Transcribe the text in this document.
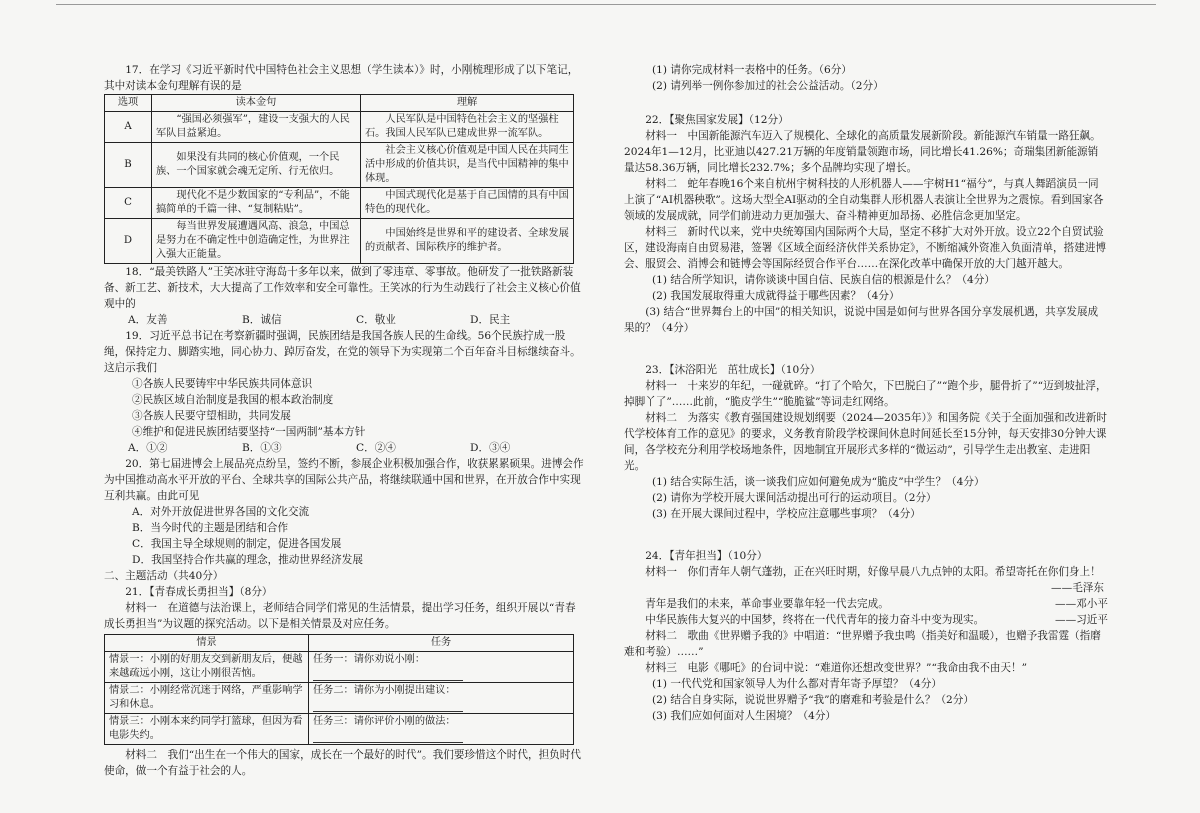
17．在学习《习近平新时代中国特色社会主义思想（学生读本）》时，小刚梳理形成了以下笔记，其中对读本金句理解有误的是

选项	读本金句	理解
A	“强国必须强军”，建设一支强大的人民军队目益紧迫。	人民军队是中国特色社会主义的坚强柱石。我国人民军队已建成世界一流军队。
B	如果没有共同的核心价值观，一个民族、一个国家就会魂无定所、行无依归。	社会主义核心价值观是中国人民在共同生活中形成的价值共识，是当代中国精神的集中体现。
C	现代化不是少数国家的“专利品”，不能搞简单的千篇一律、“复制粘贴”。	中国式现代化是基于自己国情的具有中国特色的现代化。
D	每当世界发展遭遇风高、浪急，中国总是努力在不确定性中创造确定性，为世界注入强大正能量。	中国始终是世界和平的建设者、全球发展的贡献者、国际秩序的维护者。

18．“最美铁路人”王笑冰驻守海岛十多年以来，做到了零违章、零事故。他研发了一批铁路新装备、新工艺、新技术，大大提高了工作效率和安全可靠性。王笑冰的行为生动践行了社会主义核心价值观中的

A．友善	B．诚信	C．敬业	D．民主

19．习近平总书记在考察新疆时强调，民族团结是我国各族人民的生命线。56个民族拧成一股绳，保持定力、脚踏实地，同心协力、踔厉奋发，在党的领导下为实现第二个百年奋斗目标继续奋斗。这启示我们

①各族人民要铸牢中华民族共同体意识

②民族区域自治制度是我国的根本政治制度

③各族人民要守望相助，共同发展

④维护和促进民族团结要坚持“一国两制”基本方针

A．①②	B．①③	C．②④	D．③④

20．第七届进博会上展品亮点纷呈，签约不断，参展企业积极加强合作，收获累累硕果。进博会作为中国推动高水平开放的平台、全球共享的国际公共产品，将继续联通中国和世界，在开放合作中实现互利共赢。由此可见

A．对外开放促进世界各国的文化交流

B．当今时代的主题是团结和合作

C．我国主导全球规则的制定，促进各国发展

D．我国坚持合作共赢的理念，推动世界经济发展

二、主题活动（共40分）

21．【青春成长勇担当】（8分）

材料一　在道德与法治课上，老师结合同学们常见的生活情景，提出学习任务，组织开展以“青春成长勇担当”为议题的探究活动。以下是相关情景及对应任务。

情景	任务
情景一：小刚的好朋友交到新朋友后，便越来越疏远小刚，这让小刚很苦恼。	任务一：请你劝说小刚：
情景二：小刚经常沉迷于网络，严重影响学习和休息。	任务二：请你为小刚提出建议：
情景三：小刚本来约同学打篮球，但因为看电影失约。	任务三：请你评价小刚的做法：

材料二　我们“出生在一个伟大的国家，成长在一个最好的时代”。我们要珍惜这个时代，担负时代使命，做一个有益于社会的人。

(1) 请你完成材料一表格中的任务。（6分）

(2) 请列举一例你参加过的社会公益活动。（2分）

22．【聚焦国家发展】（12分）

材料一　中国新能源汽车迈入了规模化、全球化的高质量发展新阶段。新能源汽车销量一路狂飙。2024年1—12月，比亚迪以427.21万辆的年度销量领跑市场，同比增长41.26%；奇瑞集团新能源销量达58.36万辆，同比增长232.7%；多个品牌均实现了增长。

材料二　蛇年春晚16个来自杭州宇树科技的人形机器人——宇树H1“福兮”，与真人舞蹈演员一同上演了“AI机器秧歌”。这场大型全AI驱动的全自动集群人形机器人表演让全世界为之震惊。看到国家各领域的发展成就，同学们前进动力更加强大、奋斗精神更加昂扬、必胜信念更加坚定。

材料三　新时代以来，党中央统筹国内国际两个大局，坚定不移扩大对外开放。设立22个自贸试验区，建设海南自由贸易港，签署《区域全面经济伙伴关系协定》，不断缩减外资准入负面清单，搭建进博会、服贸会、消博会和链博会等国际经贸合作平台……在深化改革中确保开放的大门越开越大。

(1) 结合所学知识，请你谈谈中国自信、民族自信的根源是什么？（4分）

(2) 我国发展取得重大成就得益于哪些因素？（4分）

(3) 结合“世界舞台上的中国”的相关知识，说说中国是如何与世界各国分享发展机遇，共享发展成果的？（4分）

23．【沐浴阳光　茁壮成长】（10分）

材料一　十来岁的年纪，一碰就碎。“打了个哈欠，下巴脱臼了”“跑个步，腿骨折了”“迈到坡扯浮，掉脚丫了”……此前，“脆皮学生”“脆脆鲨”等词走红网络。

材料二　为落实《教育强国建设规划纲要（2024—2035年）》和国务院《关于全面加强和改进新时代学校体育工作的意见》的要求，义务教育阶段学校课间休息时间延长至15分钟，每天安排30分钟大课间，各学校充分利用学校场地条件，因地制宜开展形式多样的“微运动”，引导学生走出教室、走进阳光。

(1) 结合实际生活，谈一谈我们应如何避免成为“脆皮”中学生？（4分）

(2) 请你为学校开展大课间活动提出可行的运动项目。（2分）

(3) 在开展大课间过程中，学校应注意哪些事项？（4分）

24．【青年担当】（10分）

材料一　你们青年人朝气蓬勃，正在兴旺时期，好像早晨八九点钟的太阳。希望寄托在你们身上！

——毛泽东

青年是我们的未来，革命事业要靠年轻一代去完成。	——邓小平
中华民族伟大复兴的中国梦，终将在一代代青年的接力奋斗中变为现实。	——习近平

材料二　歌曲《世界赠予我的》中唱道：“世界赠予我虫鸣（指美好和温暖），也赠予我雷霆（指磨难和考验）……”

材料三　电影《哪吒》的台词中说：“难道你还想改变世界？”“我命由我不由天！”

(1) 一代代党和国家领导人为什么都对青年寄予厚望？（4分）

(2) 结合自身实际，说说世界赠予“我”的磨难和考验是什么？（2分）

(3) 我们应如何面对人生困境？（4分）
